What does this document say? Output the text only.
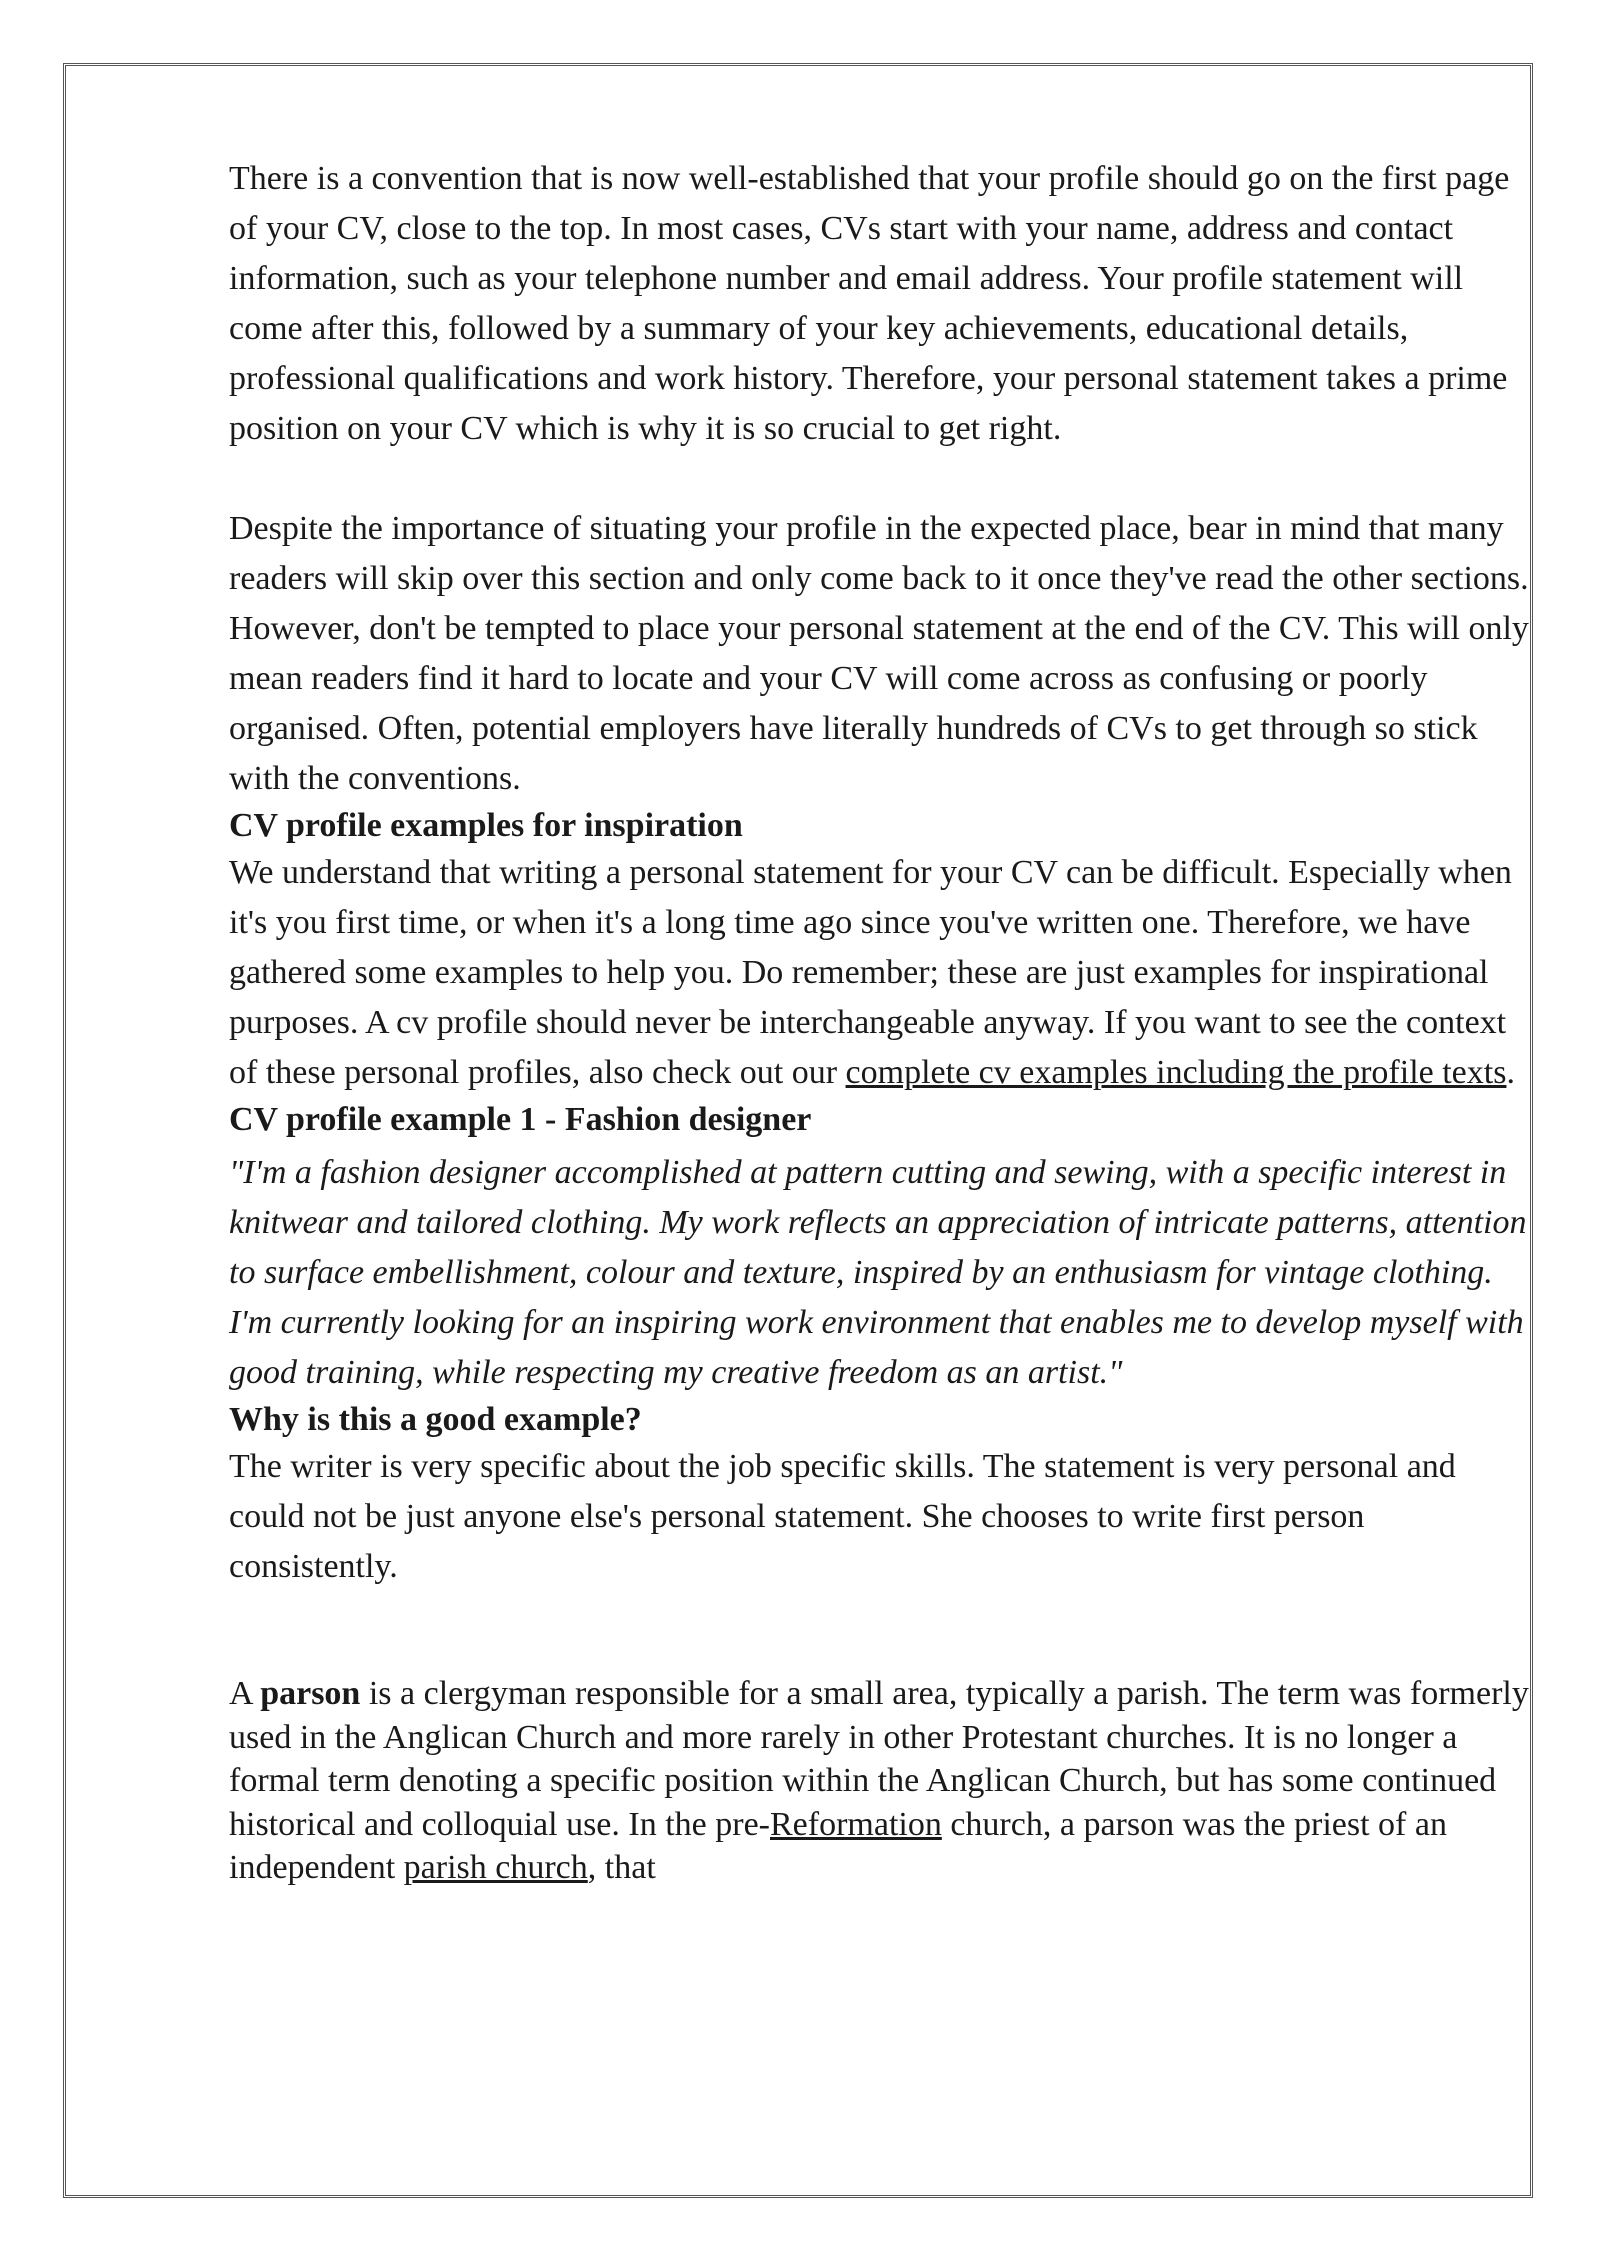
There is a convention that is now well-established that your profile should go on the first page of your CV, close to the top. In most cases, CVs start with your name, address and contact information, such as your telephone number and email address. Your profile statement will come after this, followed by a summary of your key achievements, educational details, professional qualifications and work history. Therefore, your personal statement takes a prime position on your CV which is why it is so crucial to get right.

Despite the importance of situating your profile in the expected place, bear in mind that many readers will skip over this section and only come back to it once they've read the other sections. However, don't be tempted to place your personal statement at the end of the CV. This will only mean readers find it hard to locate and your CV will come across as confusing or poorly organised. Often, potential employers have literally hundreds of CVs to get through so stick with the conventions.

CV profile examples for inspiration

We understand that writing a personal statement for your CV can be difficult. Especially when it's you first time, or when it's a long time ago since you've written one. Therefore, we have gathered some examples to help you. Do remember; these are just examples for inspirational purposes. A cv profile should never be interchangeable anyway. If you want to see the context of these personal profiles, also check out our complete cv examples including the profile texts.

CV profile example 1 - Fashion designer

"I'm a fashion designer accomplished at pattern cutting and sewing, with a specific interest in knitwear and tailored clothing. My work reflects an appreciation of intricate patterns, attention to surface embellishment, colour and texture, inspired by an enthusiasm for vintage clothing. I'm currently looking for an inspiring work environment that enables me to develop myself with good training, while respecting my creative freedom as an artist."

Why is this a good example?

The writer is very specific about the job specific skills. The statement is very personal and could not be just anyone else's personal statement. She chooses to write first person consistently.

A parson is a clergyman responsible for a small area, typically a parish. The term was formerly used in the Anglican Church and more rarely in other Protestant churches. It is no longer a formal term denoting a specific position within the Anglican Church, but has some continued historical and colloquial use. In the pre-Reformation church, a parson was the priest of an independent parish church, that
